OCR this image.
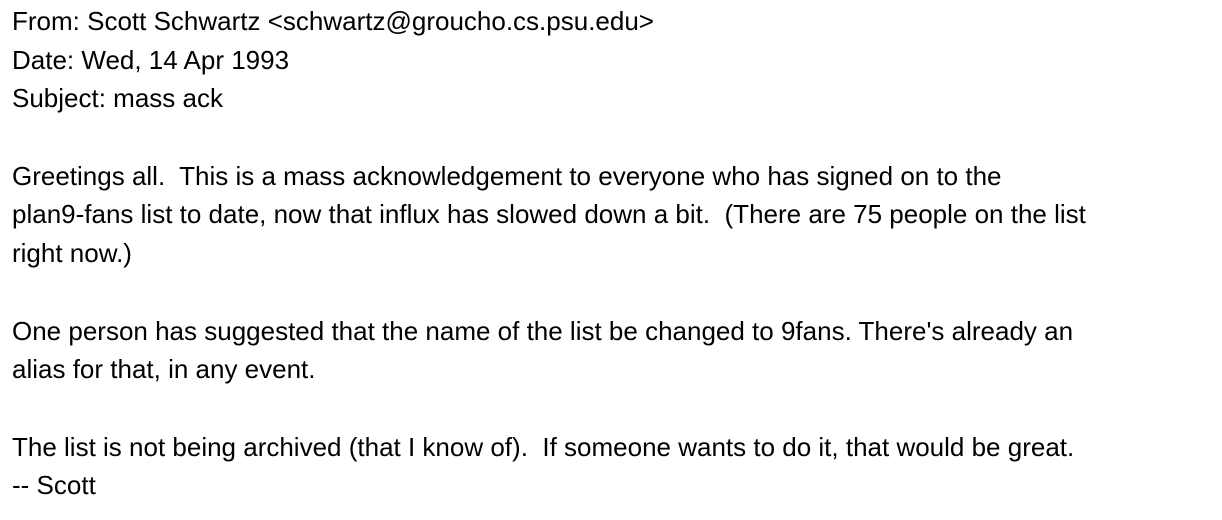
From: Scott Schwartz <schwartz@groucho.cs.psu.edu>
Date: Wed, 14 Apr 1993
Subject: mass ack
Greetings all.  This is a mass acknowledgement to everyone who has signed on to the
plan9-fans list to date, now that influx has slowed down a bit.  (There are 75 people on the list
right now.)
One person has suggested that the name of the list be changed to 9fans. There's already an
alias for that, in any event.
The list is not being archived (that I know of).  If someone wants to do it, that would be great.
-- Scott
